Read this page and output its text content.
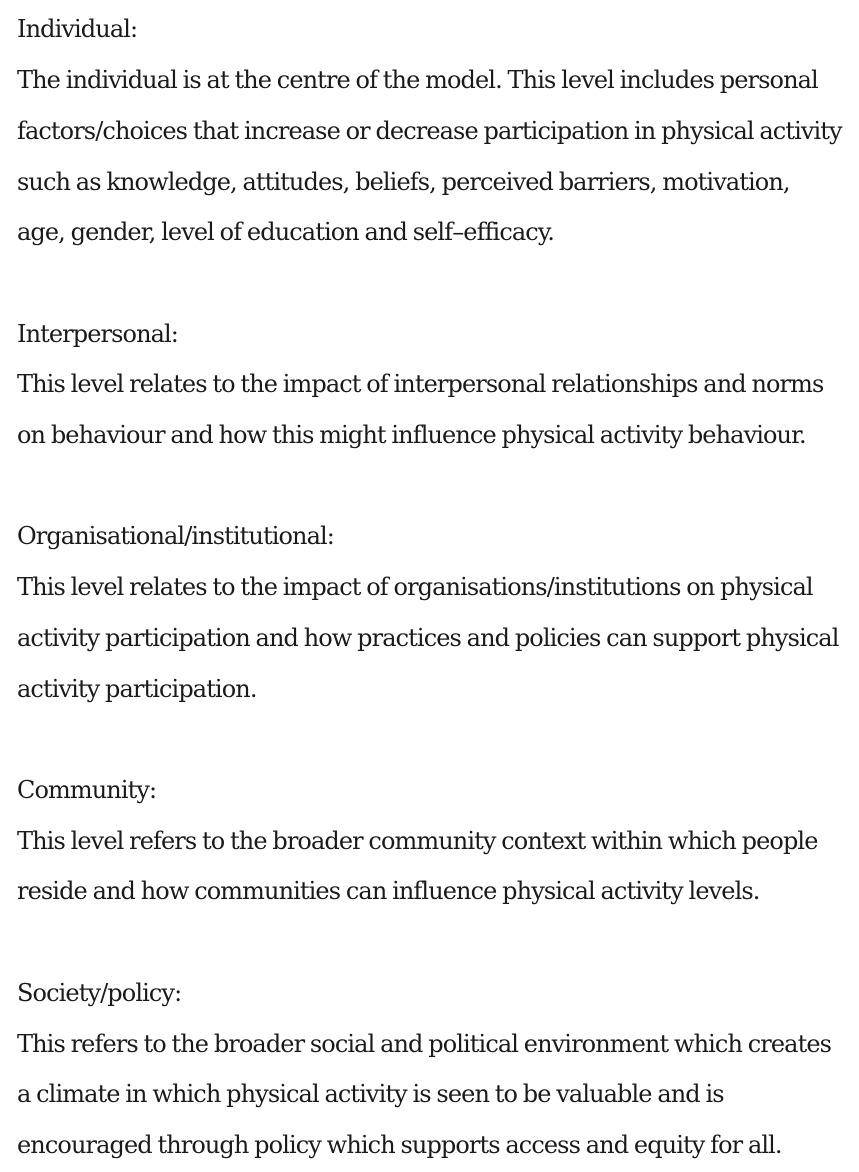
Individual:
The individual is at the centre of the model. This level includes personal
factors/choices that increase or decrease participation in physical activity
such as knowledge, attitudes, beliefs, perceived barriers, motivation,
age, gender, level of education and self–efficacy.
Interpersonal:
This level relates to the impact of interpersonal relationships and norms
on behaviour and how this might influence physical activity behaviour.
Organisational/institutional:
This level relates to the impact of organisations/institutions on physical
activity participation and how practices and policies can support physical
activity participation.
Community:
This level refers to the broader community context within which people
reside and how communities can influence physical activity levels.
Society/policy:
This refers to the broader social and political environment which creates
a climate in which physical activity is seen to be valuable and is
encouraged through policy which supports access and equity for all.
